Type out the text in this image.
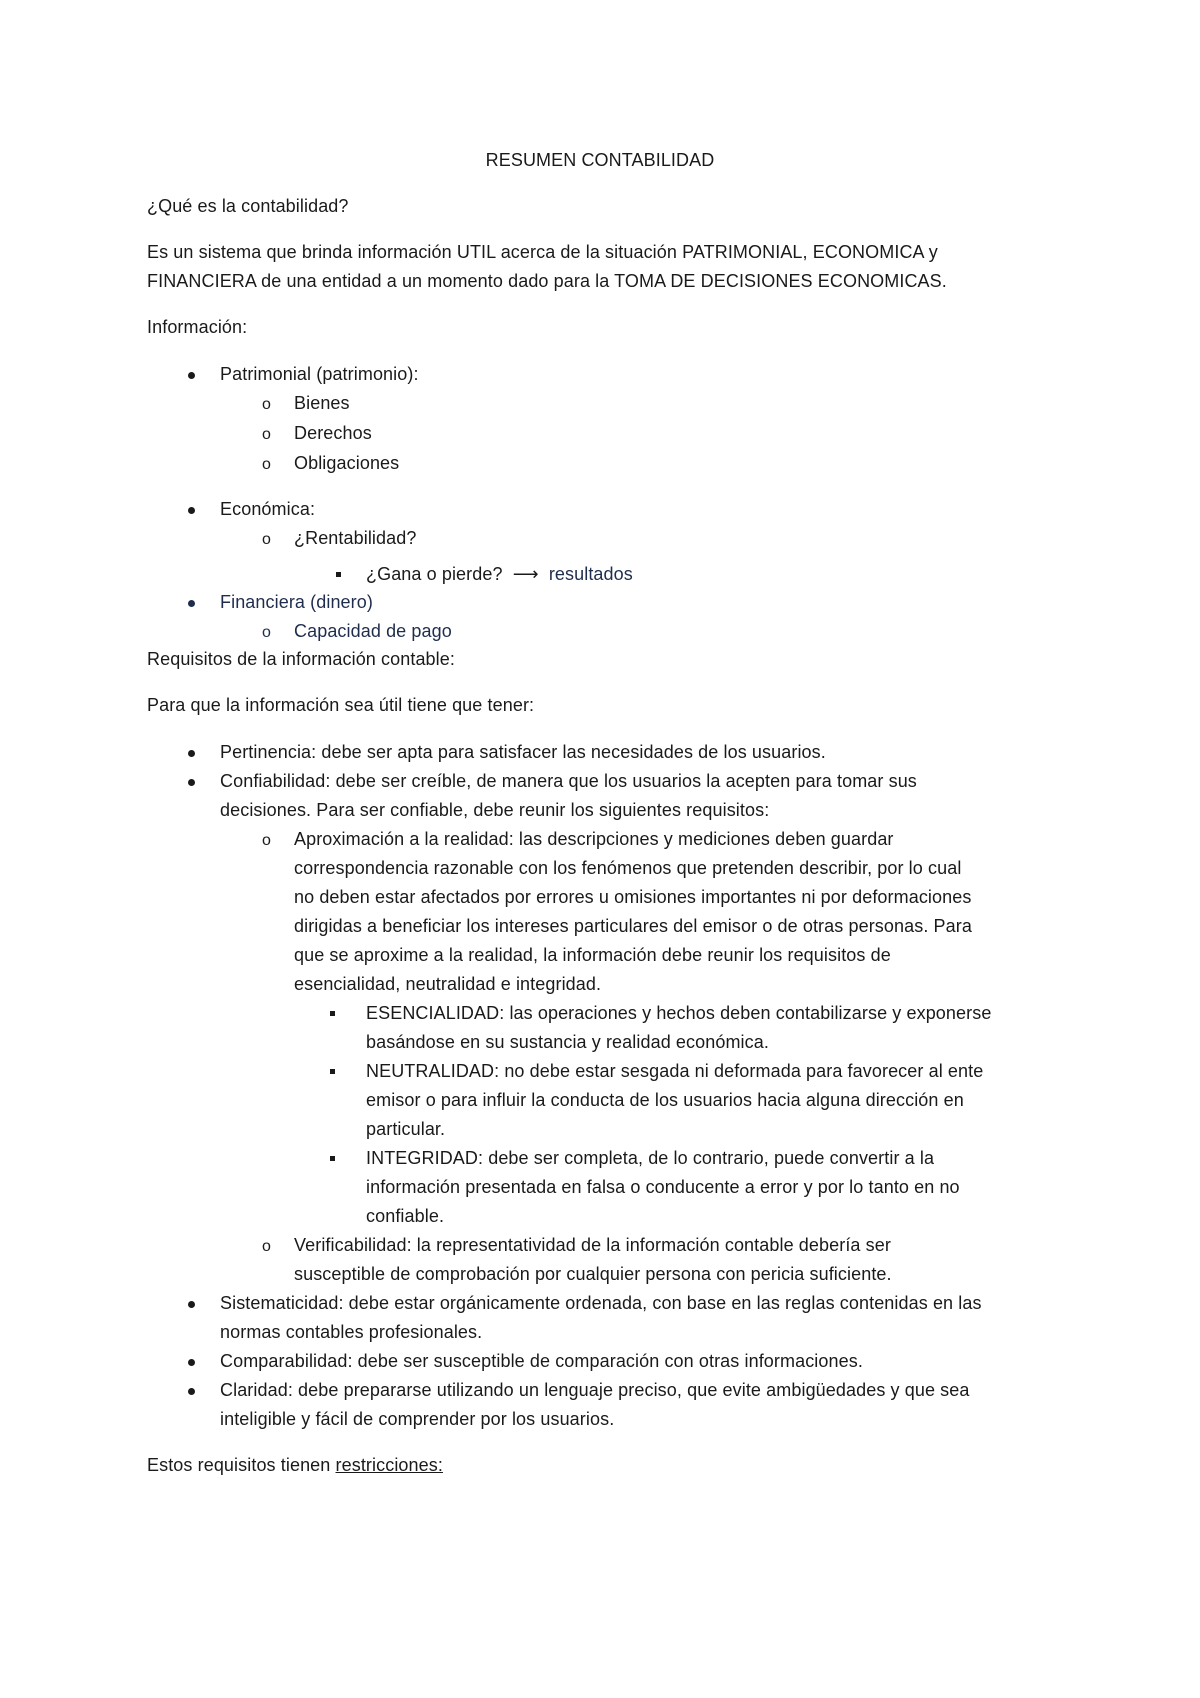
RESUMEN CONTABILIDAD
¿Qué es la contabilidad?
Es un sistema que brinda información UTIL acerca de la situación PATRIMONIAL, ECONOMICA y
FINANCIERA de una entidad a un momento dado para la TOMA DE DECISIONES ECONOMICAS.
Información:
Patrimonial (patrimonio):
o Bienes
o Derechos
o Obligaciones
Económica:
o ¿Rentabilidad?
¿Gana o pierde? ⟶ resultados
Financiera (dinero)
o Capacidad de pago
Requisitos de la información contable:
Para que la información sea útil tiene que tener:
Pertinencia: debe ser apta para satisfacer las necesidades de los usuarios.
Confiabilidad: debe ser creíble, de manera que los usuarios la acepten para tomar sus
decisiones. Para ser confiable, debe reunir los siguientes requisitos:
o Aproximación a la realidad: las descripciones y mediciones deben guardar
correspondencia razonable con los fenómenos que pretenden describir, por lo cual
no deben estar afectados por errores u omisiones importantes ni por deformaciones
dirigidas a beneficiar los intereses particulares del emisor o de otras personas. Para
que se aproxime a la realidad, la información debe reunir los requisitos de
esencialidad, neutralidad e integridad.
ESENCIALIDAD: las operaciones y hechos deben contabilizarse y exponerse
basándose en su sustancia y realidad económica.
NEUTRALIDAD: no debe estar sesgada ni deformada para favorecer al ente
emisor o para influir la conducta de los usuarios hacia alguna dirección en
particular.
INTEGRIDAD: debe ser completa, de lo contrario, puede convertir a la
información presentada en falsa o conducente a error y por lo tanto en no
confiable.
o Verificabilidad: la representatividad de la información contable debería ser
susceptible de comprobación por cualquier persona con pericia suficiente.
Sistematicidad: debe estar orgánicamente ordenada, con base en las reglas contenidas en las
normas contables profesionales.
Comparabilidad: debe ser susceptible de comparación con otras informaciones.
Claridad: debe prepararse utilizando un lenguaje preciso, que evite ambigüedades y que sea
inteligible y fácil de comprender por los usuarios.
Estos requisitos tienen restricciones:
